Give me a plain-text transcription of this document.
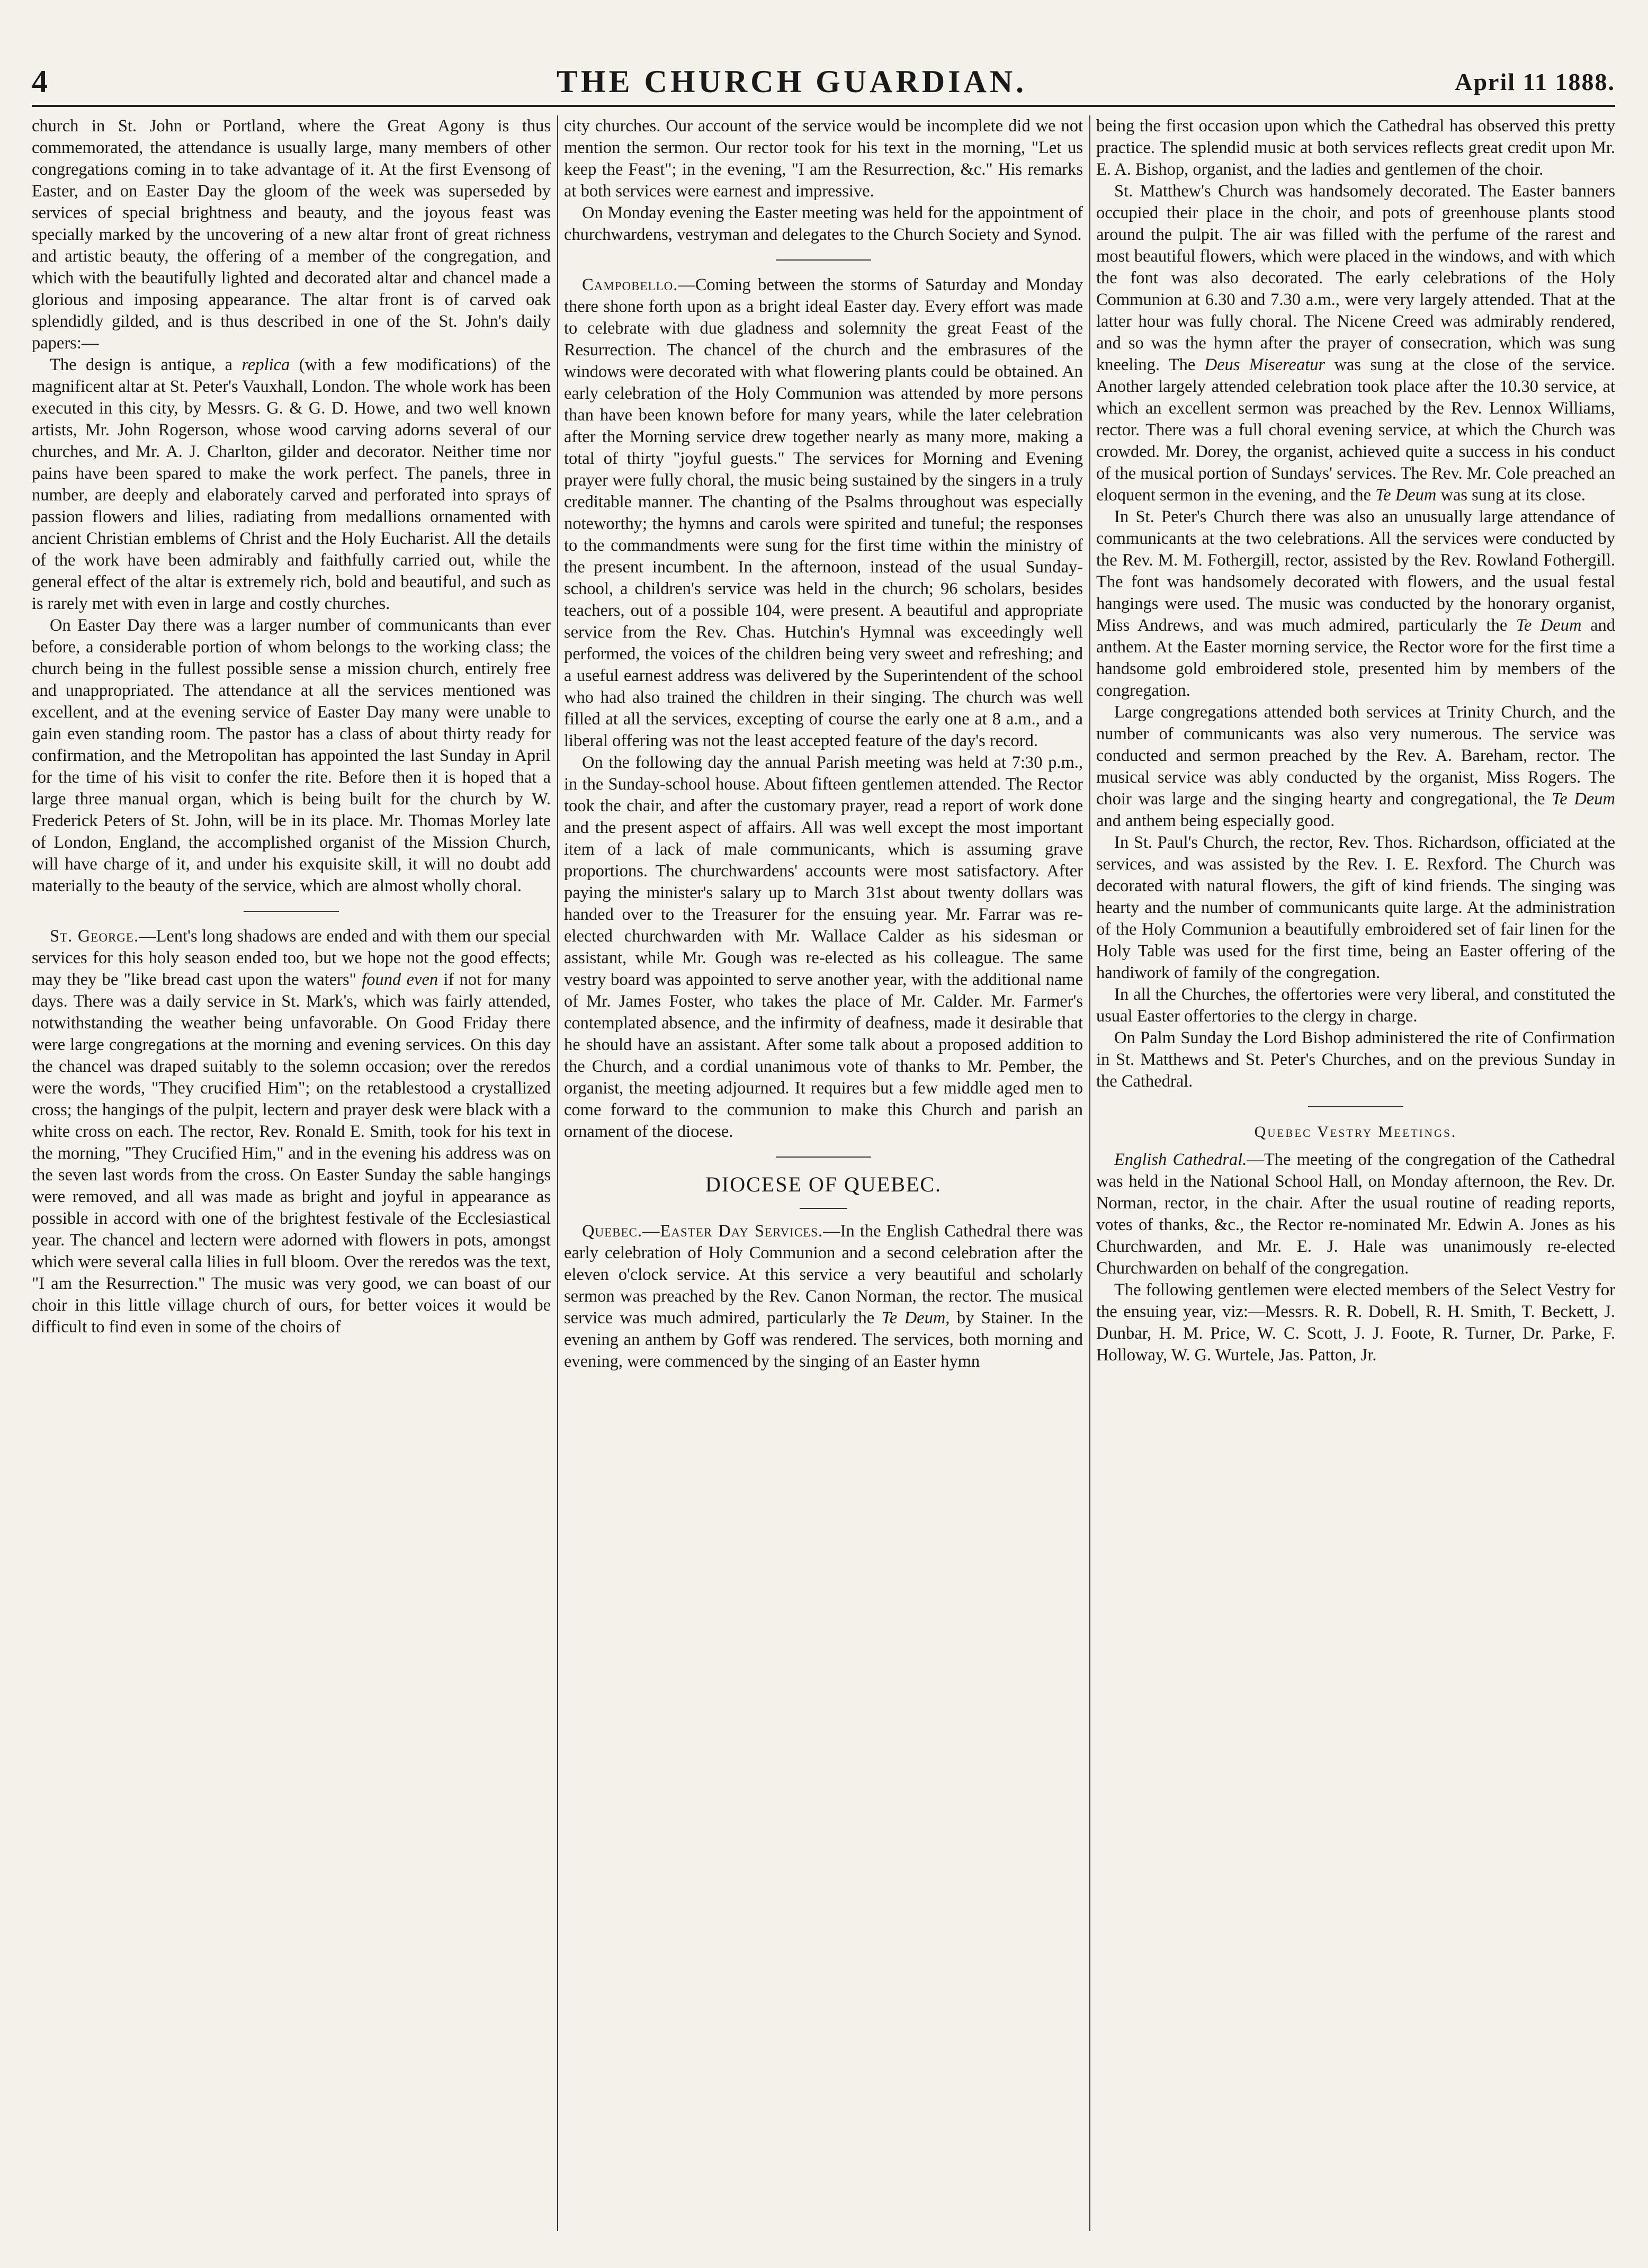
4	THE CHURCH GUARDIAN.	April 11 1888.

church in St. John or Portland, where the Great Agony is thus commemorated, the attendance is usually large, many members of other congregations coming in to take advantage of it. At the first Evensong of Easter, and on Easter Day the gloom of the week was superseded by services of special brightness and beauty, and the joyous feast was specially marked by the uncovering of a new altar front of great richness and artistic beauty, the offering of a member of the congregation, and which with the beautifully lighted and decorated altar and chancel made a glorious and imposing appearance. The altar front is of carved oak splendidly gilded, and is thus described in one of the St. John's daily papers:—

The design is antique, a replica (with a few modifications) of the magnificent altar at St. Peter's Vauxhall, London. The whole work has been executed in this city, by Messrs. G. & G. D. Howe, and two well known artists, Mr. John Rogerson, whose wood carving adorns several of our churches, and Mr. A. J. Charlton, gilder and decorator. Neither time nor pains have been spared to make the work perfect. The panels, three in number, are deeply and elaborately carved and perforated into sprays of passion flowers and lilies, radiating from medallions ornamented with ancient Christian emblems of Christ and the Holy Eucharist. All the details of the work have been admirably and faithfully carried out, while the general effect of the altar is extremely rich, bold and beautiful, and such as is rarely met with even in large and costly churches.

On Easter Day there was a larger number of communicants than ever before, a considerable portion of whom belongs to the working class; the church being in the fullest possible sense a mission church, entirely free and unappropriated. The attendance at all the services mentioned was excellent, and at the evening service of Easter Day many were unable to gain even standing room. The pastor has a class of about thirty ready for confirmation, and the Metropolitan has appointed the last Sunday in April for the time of his visit to confer the rite. Before then it is hoped that a large three manual organ, which is being built for the church by W. Frederick Peters of St. John, will be in its place. Mr. Thomas Morley late of London, England, the accomplished organist of the Mission Church, will have charge of it, and under his exquisite skill, it will no doubt add materially to the beauty of the service, which are almost wholly choral.

St. George.—Lent's long shadows are ended and with them our special services for this holy season ended too, but we hope not the good effects; may they be "like bread cast upon the waters" found even if not for many days. There was a daily service in St. Mark's, which was fairly attended, notwithstanding the weather being unfavorable. On Good Friday there were large congregations at the morning and evening services. On this day the chancel was draped suitably to the solemn occasion; over the reredos were the words, "They crucified Him"; on the retablestood a crystallized cross; the hangings of the pulpit, lectern and prayer desk were black with a white cross on each. The rector, Rev. Ronald E. Smith, took for his text in the morning, "They Crucified Him," and in the evening his address was on the seven last words from the cross. On Easter Sunday the sable hangings were removed, and all was made as bright and joyful in appearance as possible in accord with one of the brightest festivale of the Ecclesiastical year. The chancel and lectern were adorned with flowers in pots, amongst which were several calla lilies in full bloom. Over the reredos was the text, "I am the Resurrection." The music was very good, we can boast of our choir in this little village church of ours, for better voices it would be difficult to find even in some of the choirs of

city churches. Our account of the service would be incomplete did we not mention the sermon. Our rector took for his text in the morning, "Let us keep the Feast"; in the evening, "I am the Resurrection, &c." His remarks at both services were earnest and impressive.

On Monday evening the Easter meeting was held for the appointment of churchwardens, vestryman and delegates to the Church Society and Synod.

Campobello.—Coming between the storms of Saturday and Monday there shone forth upon as a bright ideal Easter day. Every effort was made to celebrate with due gladness and solemnity the great Feast of the Resurrection. The chancel of the church and the embrasures of the windows were decorated with what flowering plants could be obtained. An early celebration of the Holy Communion was attended by more persons than have been known before for many years, while the later celebration after the Morning service drew together nearly as many more, making a total of thirty "joyful guests." The services for Morning and Evening prayer were fully choral, the music being sustained by the singers in a truly creditable manner. The chanting of the Psalms throughout was especially noteworthy; the hymns and carols were spirited and tuneful; the responses to the commandments were sung for the first time within the ministry of the present incumbent. In the afternoon, instead of the usual Sunday-school, a children's service was held in the church; 96 scholars, besides teachers, out of a possible 104, were present. A beautiful and appropriate service from the Rev. Chas. Hutchin's Hymnal was exceedingly well performed, the voices of the children being very sweet and refreshing; and a useful earnest address was delivered by the Superintendent of the school who had also trained the children in their singing. The church was well filled at all the services, excepting of course the early one at 8 a.m., and a liberal offering was not the least accepted feature of the day's record.

On the following day the annual Parish meeting was held at 7:30 p.m., in the Sunday-school house. About fifteen gentlemen attended. The Rector took the chair, and after the customary prayer, read a report of work done and the present aspect of affairs. All was well except the most important item of a lack of male communicants, which is assuming grave proportions. The churchwardens' accounts were most satisfactory. After paying the minister's salary up to March 31st about twenty dollars was handed over to the Treasurer for the ensuing year. Mr. Farrar was re-elected churchwarden with Mr. Wallace Calder as his sidesman or assistant, while Mr. Gough was re-elected as his colleague. The same vestry board was appointed to serve another year, with the additional name of Mr. James Foster, who takes the place of Mr. Calder. Mr. Farmer's contemplated absence, and the infirmity of deafness, made it desirable that he should have an assistant. After some talk about a proposed addition to the Church, and a cordial unanimous vote of thanks to Mr. Pember, the organist, the meeting adjourned. It requires but a few middle aged men to come forward to the communion to make this Church and parish an ornament of the diocese.

DIOCESE OF QUEBEC.

Quebec.—Easter Day Services.—In the English Cathedral there was early celebration of Holy Communion and a second celebration after the eleven o'clock service. At this service a very beautiful and scholarly sermon was preached by the Rev. Canon Norman, the rector. The musical service was much admired, particularly the Te Deum, by Stainer. In the evening an anthem by Goff was rendered. The services, both morning and evening, were commenced by the singing of an Easter hymn

being the first occasion upon which the Cathedral has observed this pretty practice. The splendid music at both services reflects great credit upon Mr. E. A. Bishop, organist, and the ladies and gentlemen of the choir.

St. Matthew's Church was handsomely decorated. The Easter banners occupied their place in the choir, and pots of greenhouse plants stood around the pulpit. The air was filled with the perfume of the rarest and most beautiful flowers, which were placed in the windows, and with which the font was also decorated. The early celebrations of the Holy Communion at 6.30 and 7.30 a.m., were very largely attended. That at the latter hour was fully choral. The Nicene Creed was admirably rendered, and so was the hymn after the prayer of consecration, which was sung kneeling. The Deus Misereatur was sung at the close of the service. Another largely attended celebration took place after the 10.30 service, at which an excellent sermon was preached by the Rev. Lennox Williams, rector. There was a full choral evening service, at which the Church was crowded. Mr. Dorey, the organist, achieved quite a success in his conduct of the musical portion of Sundays' services. The Rev. Mr. Cole preached an eloquent sermon in the evening, and the Te Deum was sung at its close.

In St. Peter's Church there was also an unusually large attendance of communicants at the two celebrations. All the services were conducted by the Rev. M. M. Fothergill, rector, assisted by the Rev. Rowland Fothergill. The font was handsomely decorated with flowers, and the usual festal hangings were used. The music was conducted by the honorary organist, Miss Andrews, and was much admired, particularly the Te Deum and anthem. At the Easter morning service, the Rector wore for the first time a handsome gold embroidered stole, presented him by members of the congregation.

Large congregations attended both services at Trinity Church, and the number of communicants was also very numerous. The service was conducted and sermon preached by the Rev. A. Bareham, rector. The musical service was ably conducted by the organist, Miss Rogers. The choir was large and the singing hearty and congregational, the Te Deum and anthem being especially good.

In St. Paul's Church, the rector, Rev. Thos. Richardson, officiated at the services, and was assisted by the Rev. I. E. Rexford. The Church was decorated with natural flowers, the gift of kind friends. The singing was hearty and the number of communicants quite large. At the administration of the Holy Communion a beautifully embroidered set of fair linen for the Holy Table was used for the first time, being an Easter offering of the handiwork of family of the congregation.

In all the Churches, the offertories were very liberal, and constituted the usual Easter offertories to the clergy in charge.

On Palm Sunday the Lord Bishop administered the rite of Confirmation in St. Matthews and St. Peter's Churches, and on the previous Sunday in the Cathedral.

Quebec Vestry Meetings.

English Cathedral.—The meeting of the congregation of the Cathedral was held in the National School Hall, on Monday afternoon, the Rev. Dr. Norman, rector, in the chair. After the usual routine of reading reports, votes of thanks, &c., the Rector re-nominated Mr. Edwin A. Jones as his Churchwarden, and Mr. E. J. Hale was unanimously re-elected Churchwarden on behalf of the congregation.

The following gentlemen were elected members of the Select Vestry for the ensuing year, viz:—Messrs. R. R. Dobell, R. H. Smith, T. Beckett, J. Dunbar, H. M. Price, W. C. Scott, J. J. Foote, R. Turner, Dr. Parke, F. Holloway, W. G. Wurtele, Jas. Patton, Jr.
